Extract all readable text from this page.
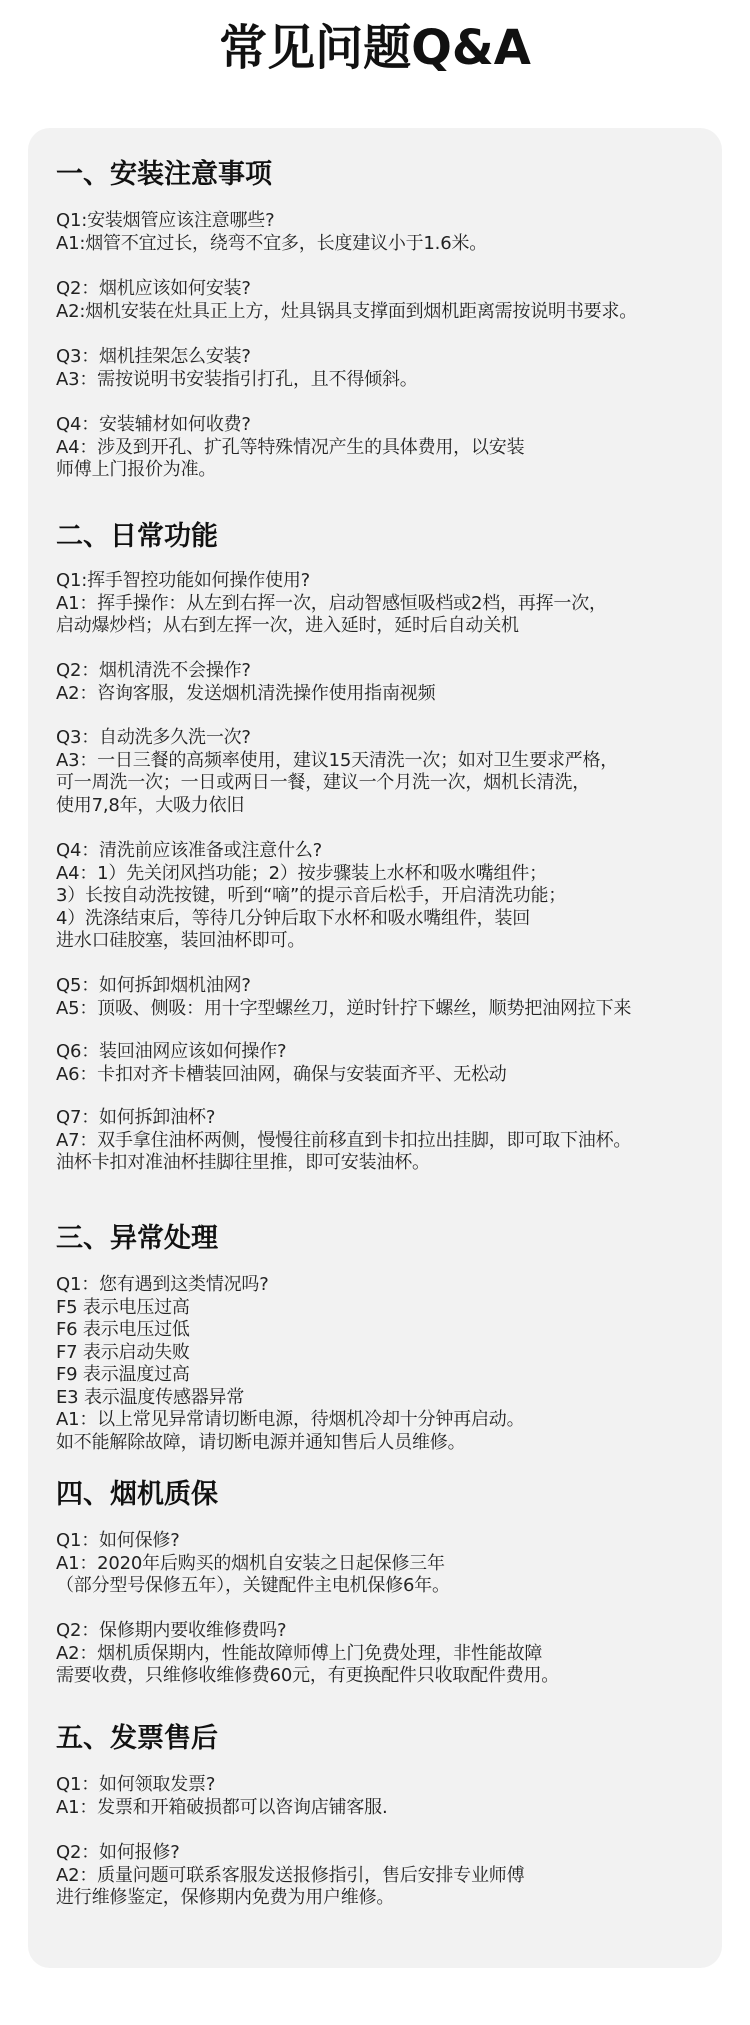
常见问题Q&A
一、安装注意事项
Q1:安装烟管应该注意哪些?
A1:烟管不宜过长，绕弯不宜多，长度建议小于1.6米。
Q2：烟机应该如何安装?
A2:烟机安装在灶具正上方，灶具锅具支撑面到烟机距离需按说明书要求。
Q3：烟机挂架怎么安装?
A3：需按说明书安装指引打孔，且不得倾斜。
Q4：安装辅材如何收费?
A4：涉及到开孔、扩孔等特殊情况产生的具体费用，以安装
师傅上门报价为准。
二、日常功能
Q1:挥手智控功能如何操作使用?
A1：挥手操作：从左到右挥一次，启动智感恒吸档或2档，再挥一次，
启动爆炒档；从右到左挥一次，进入延时，延时后自动关机
Q2：烟机清洗不会操作?
A2：咨询客服，发送烟机清洗操作使用指南视频
Q3：自动洗多久洗一次?
A3：一日三餐的高频率使用，建议15天清洗一次；如对卫生要求严格，
可一周洗一次；一日或两日一餐，建议一个月洗一次，烟机长清洗，
使用7,8年，大吸力依旧
Q4：清洗前应该准备或注意什么?
A4：1）先关闭风挡功能；2）按步骤装上水杯和吸水嘴组件；
3）长按自动洗按键，听到“嘀”的提示音后松手，开启清洗功能；
4）洗涤结束后，等待几分钟后取下水杯和吸水嘴组件，装回
进水口硅胶塞，装回油杯即可。
Q5：如何拆卸烟机油网?
A5：顶吸、侧吸：用十字型螺丝刀，逆时针拧下螺丝，顺势把油网拉下来
Q6：装回油网应该如何操作?
A6：卡扣对齐卡槽装回油网，确保与安装面齐平、无松动
Q7：如何拆卸油杯?
A7：双手拿住油杯两侧，慢慢往前移直到卡扣拉出挂脚，即可取下油杯。
油杯卡扣对准油杯挂脚往里推，即可安装油杯。
三、异常处理
Q1：您有遇到这类情况吗?
F5 表示电压过高
F6 表示电压过低
F7 表示启动失败
F9 表示温度过高
E3 表示温度传感器异常
A1：以上常见异常请切断电源，待烟机冷却十分钟再启动。
如不能解除故障，请切断电源并通知售后人员维修。
四、烟机质保
Q1：如何保修?
A1：2020年后购买的烟机自安装之日起保修三年
（部分型号保修五年），关键配件主电机保修6年。
Q2：保修期内要收维修费吗?
A2：烟机质保期内，性能故障师傅上门免费处理，非性能故障
需要收费，只维修收维修费60元，有更换配件只收取配件费用。
五、发票售后
Q1：如何领取发票?
A1：发票和开箱破损都可以咨询店铺客服.
Q2：如何报修?
A2：质量问题可联系客服发送报修指引，售后安排专业师傅
进行维修鉴定，保修期内免费为用户维修。
